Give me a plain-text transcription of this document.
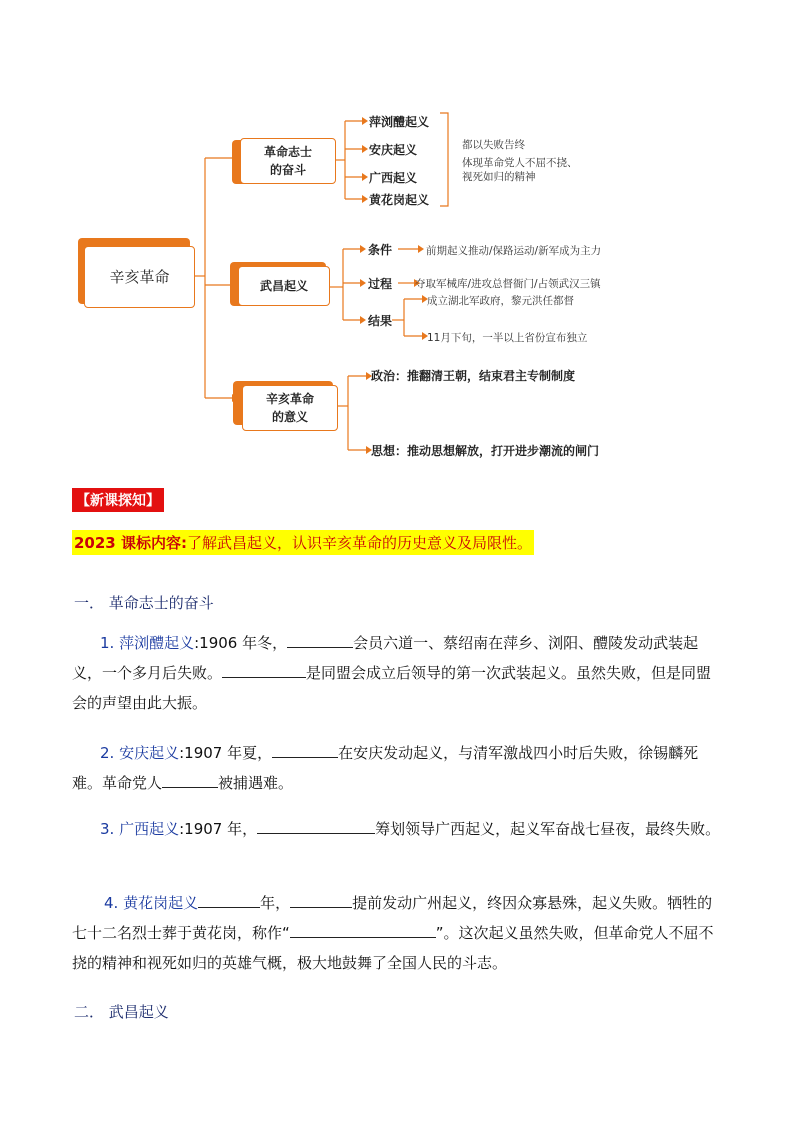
辛亥革命
革命志士
的奋斗
萍浏醴起义
安庆起义
广西起义
黄花岗起义
都以失败告终
体现革命党人不屈不挠、
视死如归的精神
武昌起义
条件	前期起义推动/保路运动/新军成为主力
过程 夺取军械库/进攻总督衙门/占领武汉三镇
结果
成立湖北军政府，黎元洪任都督
11月下旬，一半以上省份宣布独立
辛亥革命
的意义
政治：推翻清王朝，结束君主专制制度
思想：推动思想解放，打开进步潮流的闸门
【新课探知】
2023 课标内容:了解武昌起义，认识辛亥革命的历史意义及局限性。
一． 革命志士的奋斗
1. 萍浏醴起义:1906 年冬，	会员六道一、蔡绍南在萍乡、浏阳、醴陵发动武装起义，一个多月后失败。	是同盟会成立后领导的第一次武装起义。虽然失败，但是同盟会的声望由此大振。
2. 安庆起义:1907 年夏，	在安庆发动起义，与清军激战四小时后失败，徐锡麟死难。革命党人	被捕遇难。
3. 广西起义:1907 年，	筹划领导广西起义，起义军奋战七昼夜，最终失败。
4. 黄花岗起义	年，	提前发动广州起义，终因众寡悬殊，起义失败。牺牲的七十二名烈士葬于黄花岗，称作“	”。这次起义虽然失败，但革命党人不屈不挠的精神和视死如归的英雄气概，极大地鼓舞了全国人民的斗志。
二． 武昌起义
